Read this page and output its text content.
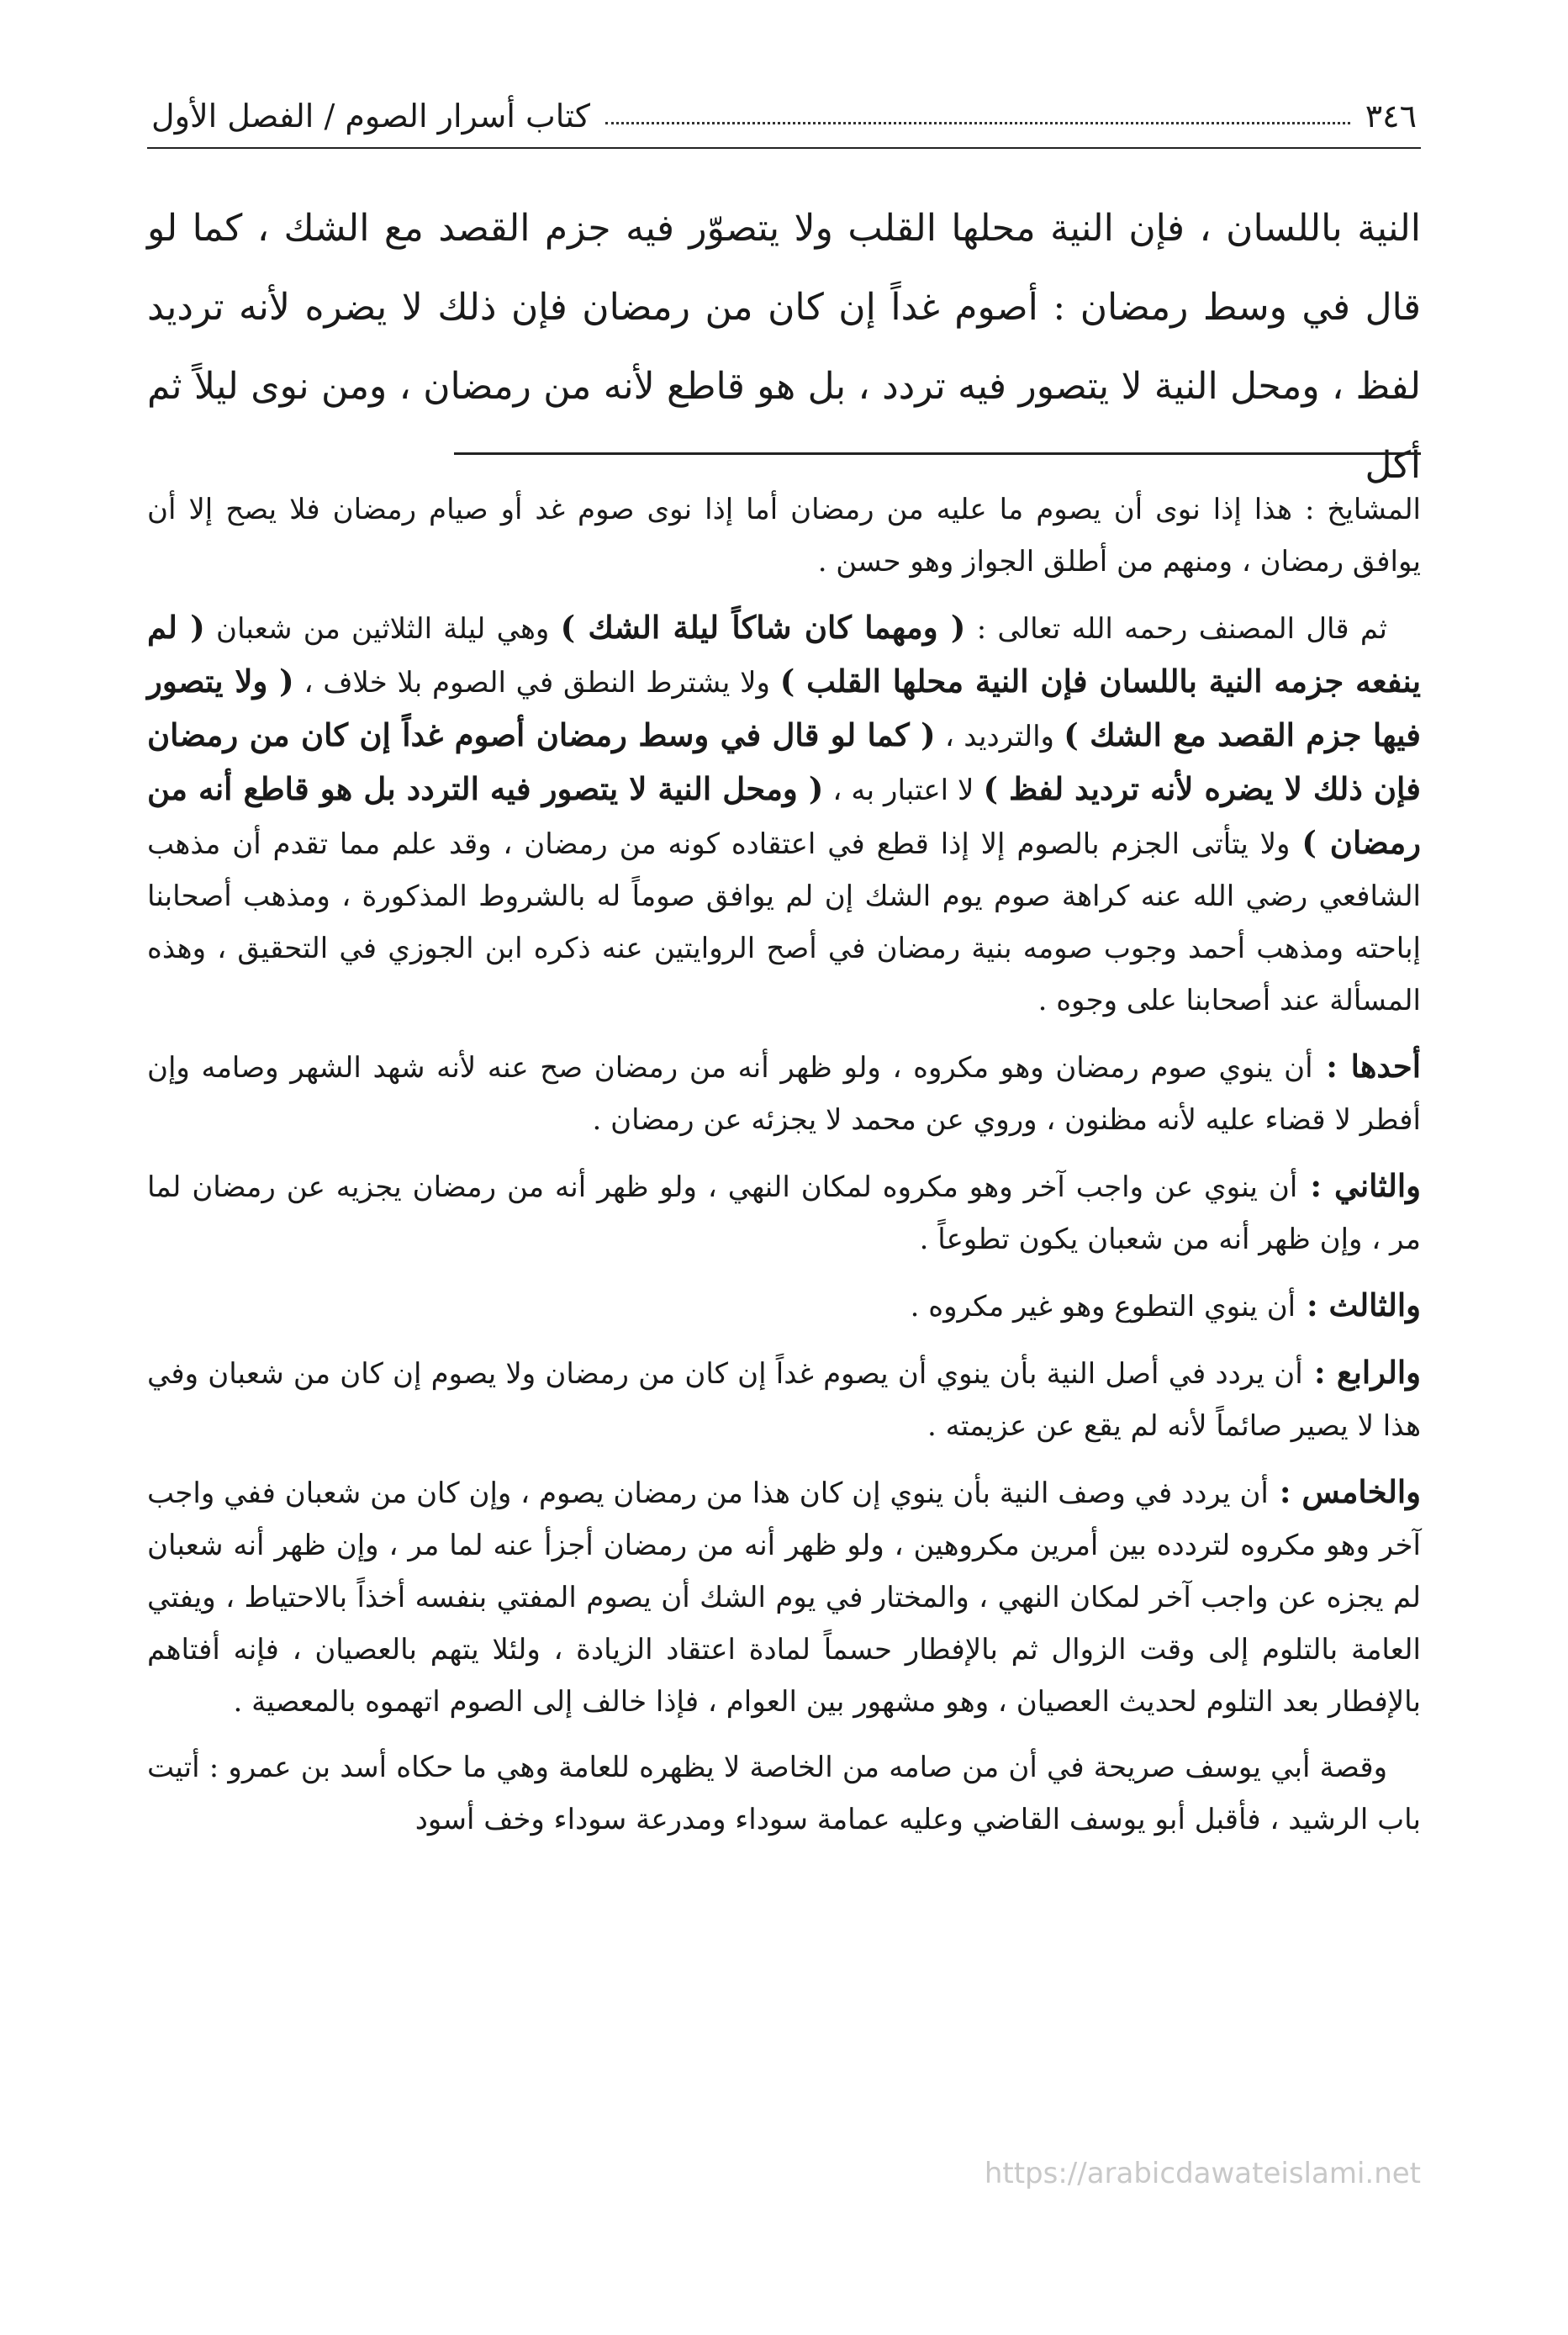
٣٤٦
كتاب أسرار الصوم / الفصل الأول

النية باللسان ، فإن النية محلها القلب ولا يتصوّر فيه جزم القصد مع الشك ، كما لو قال في وسط رمضان : أصوم غداً إن كان من رمضان فإن ذلك لا يضره لأنه ترديد لفظ ، ومحل النية لا يتصور فيه تردد ، بل هو قاطع لأنه من رمضان ، ومن نوى ليلاً ثم أكل

المشايخ : هذا إذا نوى أن يصوم ما عليه من رمضان أما إذا نوى صوم غد أو صيام رمضان فلا يصح إلا أن يوافق رمضان ، ومنهم من أطلق الجواز وهو حسن .

ثم قال المصنف رحمه الله تعالى : ( ومهما كان شاكاً ليلة الشك ) وهي ليلة الثلاثين من شعبان ( لم ينفعه جزمه النية باللسان فإن النية محلها القلب ) ولا يشترط النطق في الصوم بلا خلاف ، ( ولا يتصور فيها جزم القصد مع الشك ) والترديد ، ( كما لو قال في وسط رمضان أصوم غداً إن كان من رمضان فإن ذلك لا يضره لأنه ترديد لفظ ) لا اعتبار به ، ( ومحل النية لا يتصور فيه التردد بل هو قاطع أنه من رمضان ) ولا يتأتى الجزم بالصوم إلا إذا قطع في اعتقاده كونه من رمضان ، وقد علم مما تقدم أن مذهب الشافعي رضي الله عنه كراهة صوم يوم الشك إن لم يوافق صوماً له بالشروط المذكورة ، ومذهب أصحابنا إباحته ومذهب أحمد وجوب صومه بنية رمضان في أصح الروايتين عنه ذكره ابن الجوزي في التحقيق ، وهذه المسألة عند أصحابنا على وجوه .

أحدها : أن ينوي صوم رمضان وهو مكروه ، ولو ظهر أنه من رمضان صح عنه لأنه شهد الشهر وصامه وإن أفطر لا قضاء عليه لأنه مظنون ، وروي عن محمد لا يجزئه عن رمضان .

والثاني : أن ينوي عن واجب آخر وهو مكروه لمكان النهي ، ولو ظهر أنه من رمضان يجزيه عن رمضان لما مر ، وإن ظهر أنه من شعبان يكون تطوعاً .

والثالث : أن ينوي التطوع وهو غير مكروه .

والرابع : أن يردد في أصل النية بأن ينوي أن يصوم غداً إن كان من رمضان ولا يصوم إن كان من شعبان وفي هذا لا يصير صائماً لأنه لم يقع عن عزيمته .

والخامس : أن يردد في وصف النية بأن ينوي إن كان هذا من رمضان يصوم ، وإن كان من شعبان ففي واجب آخر وهو مكروه لتردده بين أمرين مكروهين ، ولو ظهر أنه من رمضان أجزأ عنه لما مر ، وإن ظهر أنه شعبان لم يجزه عن واجب آخر لمكان النهي ، والمختار في يوم الشك أن يصوم المفتي بنفسه أخذاً بالاحتياط ، ويفتي العامة بالتلوم إلى وقت الزوال ثم بالإفطار حسماً لمادة اعتقاد الزيادة ، ولئلا يتهم بالعصيان ، فإنه أفتاهم بالإفطار بعد التلوم لحديث العصيان ، وهو مشهور بين العوام ، فإذا خالف إلى الصوم اتهموه بالمعصية .

وقصة أبي يوسف صريحة في أن من صامه من الخاصة لا يظهره للعامة وهي ما حكاه أسد بن عمرو : أتيت باب الرشيد ، فأقبل أبو يوسف القاضي وعليه عمامة سوداء ومدرعة سوداء وخف أسود

https://arabicdawateislami.net
